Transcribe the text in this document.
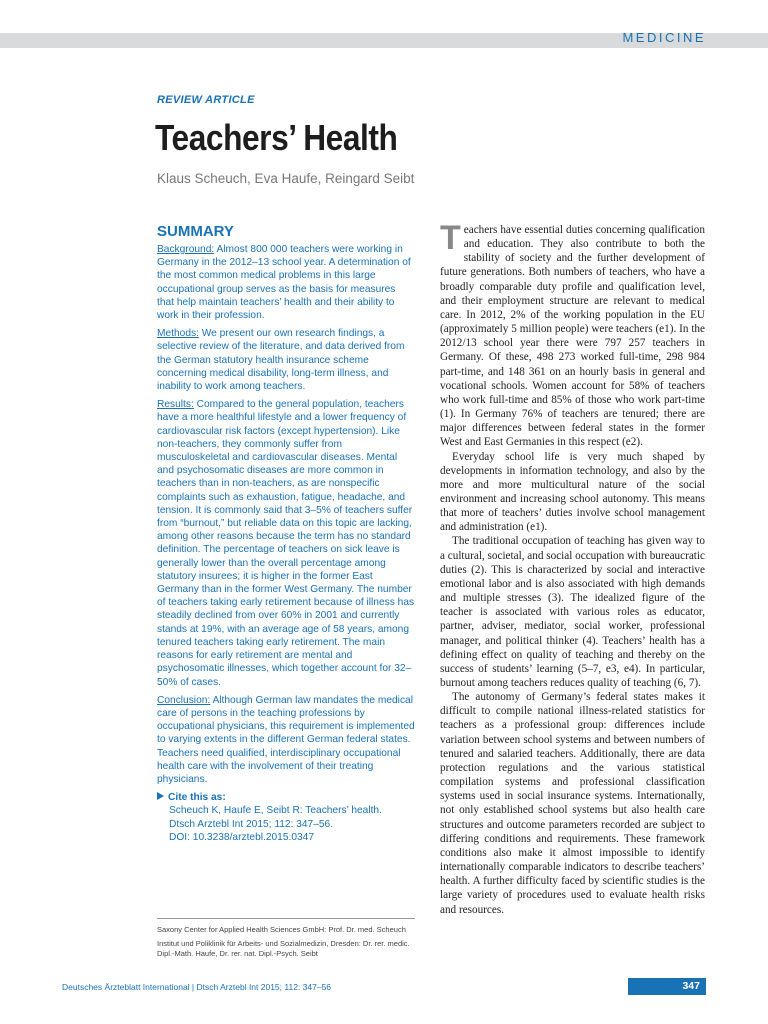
MEDICINE
REVIEW ARTICLE
Teachers’ Health
Klaus Scheuch, Eva Haufe, Reingard Seibt
SUMMARY

Background: Almost 800 000 teachers were working in Germany in the 2012–13 school year. A determination of the most common medical problems in this large occupational group serves as the basis for measures that help maintain teachers’ health and their ability to work in their profession.

Methods: We present our own research findings, a selective review of the literature, and data derived from the German statutory health insurance scheme concerning medical disability, long-term illness, and inability to work among teachers.

Results: Compared to the general population, teachers have a more healthful lifestyle and a lower frequency of cardiovascular risk factors (except hypertension). Like non-teachers, they commonly suffer from musculoskeletal and cardiovascular diseases. Mental and psychosomatic diseases are more common in teachers than in non-teachers, as are nonspecific complaints such as exhaustion, fatigue, headache, and tension. It is commonly said that 3–5% of teachers suffer from “burnout,” but reliable data on this topic are lacking, among other reasons because the term has no standard definition. The percentage of teachers on sick leave is generally lower than the overall percentage among statutory insurees; it is higher in the former East Germany than in the former West Germany. The number of teachers taking early retirement because of illness has steadily declined from over 60% in 2001 and currently stands at 19%, with an average age of 58 years, among tenured teachers taking early retirement. The main reasons for early retirement are mental and psychosomatic illnesses, which together account for 32–50% of cases.

Conclusion: Although German law mandates the medical care of persons in the teaching professions by occupational physicians, this requirement is implemented to varying extents in the different German federal states. Teachers need qualified, interdisciplinary occupational health care with the involvement of their treating physicians.

Cite this as:
Scheuch K, Haufe E, Seibt R: Teachers’ health.
Dtsch Arztebl Int 2015; 112: 347–56.
DOI: 10.3238/arztebl.2015.0347

Saxony Center for Applied Health Sciences GmbH: Prof. Dr. med. Scheuch

Institut und Poliklinik für Arbeits- und Sozialmedizin, Dresden: Dr. rer. medic. Dipl.-Math. Haufe, Dr. rer. nat. Dipl.-Psych. Seibt

Teachers have essential duties concerning qualification and education. They also contribute to both the stability of society and the further development of future generations. Both numbers of teachers, who have a broadly comparable duty profile and qualification level, and their employment structure are relevant to medical care. In 2012, 2% of the working population in the EU (approximately 5 million people) were teachers (e1). In the 2012/13 school year there were 797 257 teachers in Germany. Of these, 498 273 worked full-time, 298 984 part-time, and 148 361 on an hourly basis in general and vocational schools. Women account for 58% of teachers who work full-time and 85% of those who work part-time (1). In Germany 76% of teachers are tenured; there are major differences between federal states in the former West and East Germanies in this respect (e2).

Everyday school life is very much shaped by developments in information technology, and also by the more and more multicultural nature of the social environment and increasing school autonomy. This means that more of teachers’ duties involve school management and administration (e1).

The traditional occupation of teaching has given way to a cultural, societal, and social occupation with bureaucratic duties (2). This is characterized by social and interactive emotional labor and is also associated with high demands and multiple stresses (3). The idealized figure of the teacher is associated with various roles as educator, partner, adviser, mediator, social worker, professional manager, and political thinker (4). Teachers’ health has a defining effect on quality of teaching and thereby on the success of students’ learning (5–7, e3, e4). In particular, burnout among teachers reduces quality of teaching (6, 7).

The autonomy of Germany’s federal states makes it difficult to compile national illness-related statistics for teachers as a professional group: differences include variation between school systems and between numbers of tenured and salaried teachers. Additionally, there are data protection regulations and the various statistical compilation systems and professional classification systems used in social insurance systems. Internationally, not only established school systems but also health care structures and outcome parameters recorded are subject to differing conditions and requirements. These framework conditions also make it almost impossible to identify internationally comparable indicators to describe teachers’ health. A further difficulty faced by scientific studies is the large variety of procedures used to evaluate health risks and resources.

Deutsches Ärzteblatt International | Dtsch Arztebl Int 2015; 112: 347–56	347
